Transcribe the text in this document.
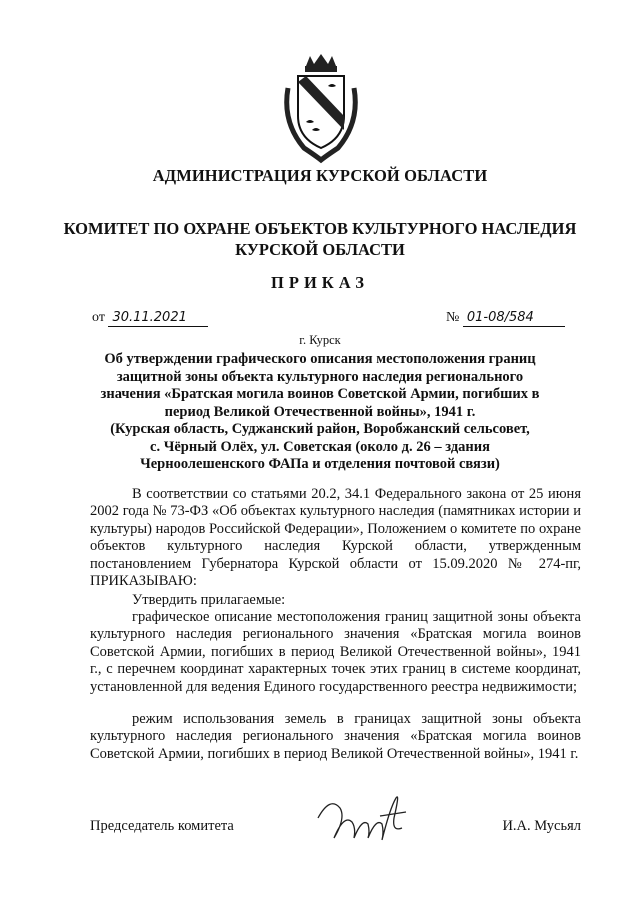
АДМИНИСТРАЦИЯ КУРСКОЙ ОБЛАСТИ
КОМИТЕТ ПО ОХРАНЕ ОБЪЕКТОВ КУЛЬТУРНОГО НАСЛЕДИЯ
КУРСКОЙ ОБЛАСТИ
ПРИКАЗ
от 30.11.2021	№ 01-08/584
г. Курск
Об утверждении графического описания местоположения границ
защитной зоны объекта культурного наследия регионального
значения «Братская могила воинов Советской Армии, погибших в
период Великой Отечественной войны», 1941 г.
(Курская область, Суджанский район, Воробжанский сельсовет,
с. Чёрный Олёх, ул. Советская (около д. 26 – здания
Черноолешенского ФАПа и отделения почтовой связи)
В соответствии со статьями 20.2, 34.1 Федерального закона от 25 июня 2002 года № 73-ФЗ «Об объектах культурного наследия (памятниках истории и культуры) народов Российской Федерации», Положением о комитете по охране объектов культурного наследия Курской области, утвержденным постановлением Губернатора Курской области от 15.09.2020 № 274-пг, ПРИКАЗЫВАЮ:
Утвердить прилагаемые:
графическое описание местоположения границ защитной зоны объекта культурного наследия регионального значения «Братская могила воинов Советской Армии, погибших в период Великой Отечественной войны», 1941 г., с перечнем координат характерных точек этих границ в системе координат, установленной для ведения Единого государственного реестра недвижимости;
режим использования земель в границах защитной зоны объекта культурного наследия регионального значения «Братская могила воинов Советской Армии, погибших в период Великой Отечественной войны», 1941 г.
Председатель комитета	И.А. Мусьял
